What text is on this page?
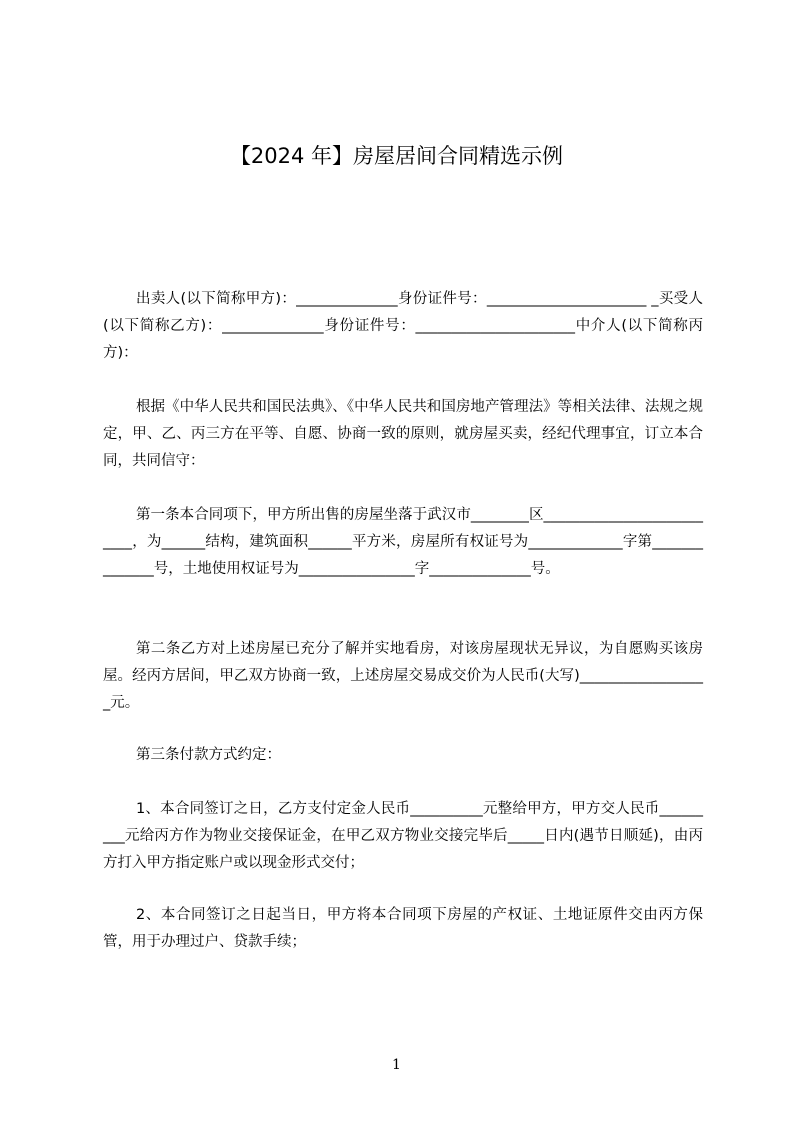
【2024 年】房屋居间合同精选示例
出卖人(以下简称甲方)：______________身份证件号：______________________ _买受人(以下简称乙方)：______________身份证件号：______________________中介人(以下简称丙方)：
根据《中华人民共和国民法典》、《中华人民共和国房地产管理法》等相关法律、法规之规定，甲、乙、丙三方在平等、自愿、协商一致的原则，就房屋买卖，经纪代理事宜，订立本合同，共同信守：
第一条本合同项下，甲方所出售的房屋坐落于武汉市________区__________________________，为______结构，建筑面积______平方米，房屋所有权证号为_____________字第______________号，土地使用权证号为________________字______________号。
第二条乙方对上述房屋已充分了解并实地看房，对该房屋现状无异议，为自愿购买该房屋。经丙方居间，甲乙双方协商一致，上述房屋交易成交价为人民币(大写)__________________元。
第三条付款方式约定：
1、本合同签订之日，乙方支付定金人民币__________元整给甲方，甲方交人民币_________元给丙方作为物业交接保证金，在甲乙双方物业交接完毕后_____日内(遇节日顺延)，由丙方打入甲方指定账户或以现金形式交付；
2、本合同签订之日起当日，甲方将本合同项下房屋的产权证、土地证原件交由丙方保管，用于办理过户、贷款手续；
1
